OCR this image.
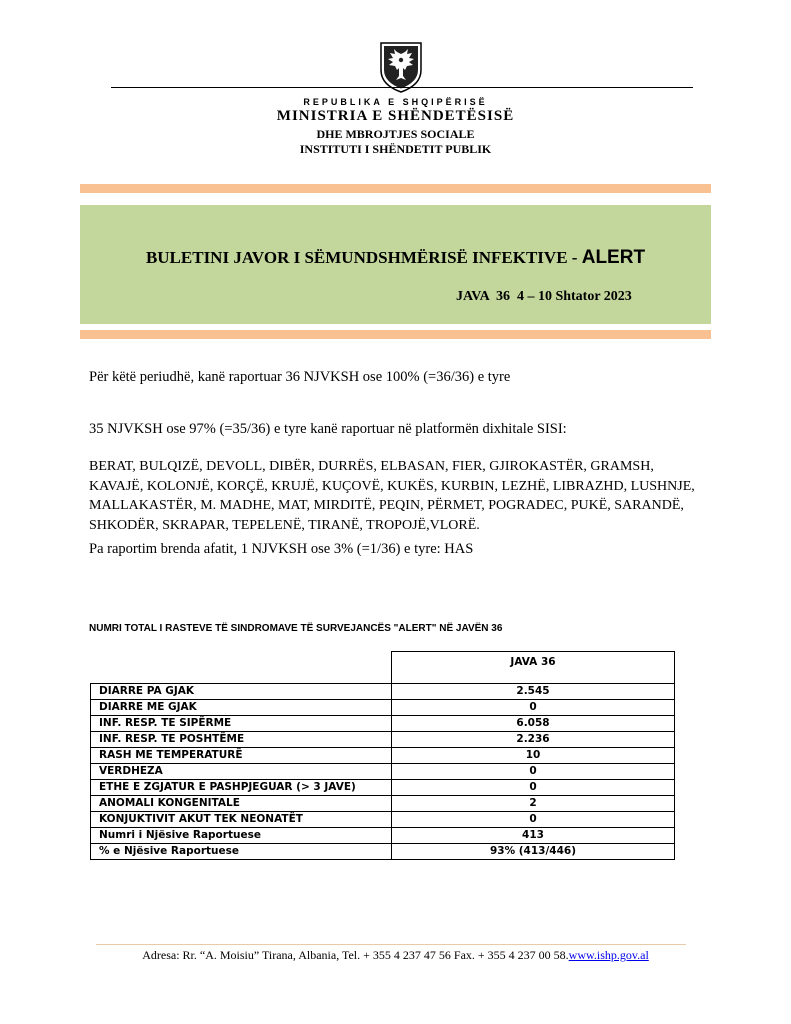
REPUBLIKA E SHQIPËRISË
MINISTRIA E SHËNDETËSISË
DHE MBROJTJES SOCIALE
INSTITUTI I SHËNDETIT PUBLIK
BULETINI JAVOR I SËMUNDSHMËRISË INFEKTIVE - ALERT
JAVA  36  4 – 10 Shtator 2023
Për këtë periudhë, kanë raportuar 36 NJVKSH ose 100% (=36/36) e tyre
35 NJVKSH ose 97% (=35/36) e tyre kanë raportuar në platformën dixhitale SISI:
BERAT, BULQIZË, DEVOLL, DIBËR, DURRËS, ELBASAN, FIER, GJIROKASTËR, GRAMSH, KAVAJË, KOLONJË, KORÇË, KRUJË, KUÇOVË, KUKËS, KURBIN, LEZHË, LIBRAZHD, LUSHNJE, MALLAKASTËR, M. MADHE, MAT, MIRDITË, PEQIN, PËRMET, POGRADEC, PUKË, SARANDË, SHKODËR, SKRAPAR, TEPELENË, TIRANË, TROPOJË,VLORË.
Pa raportim brenda afatit, 1 NJVKSH ose 3% (=1/36) e tyre: HAS
NUMRI TOTAL I RASTEVE TË SINDROMAVE TË SURVEJANCËS "ALERT" NË JAVËN 36
	JAVA 36
DIARRE PA GJAK	2.545
DIARRE ME GJAK	0
INF. RESP. TE SIPËRME	6.058
INF. RESP. TE POSHTËME	2.236
RASH ME TEMPERATURË	10
VERDHEZA	0
ETHE E ZGJATUR E PASHPJEGUAR (> 3 JAVE)	0
ANOMALI KONGENITALE	2
KONJUKTIVIT AKUT TEK NEONATËT	0
Numri i Njësive Raportuese	413
% e Njësive Raportuese	93% (413/446)
Adresa: Rr. “A. Moisiu” Tirana, Albania, Tel. + 355 4 237 47 56 Fax. + 355 4 237 00 58.www.ishp.gov.al
